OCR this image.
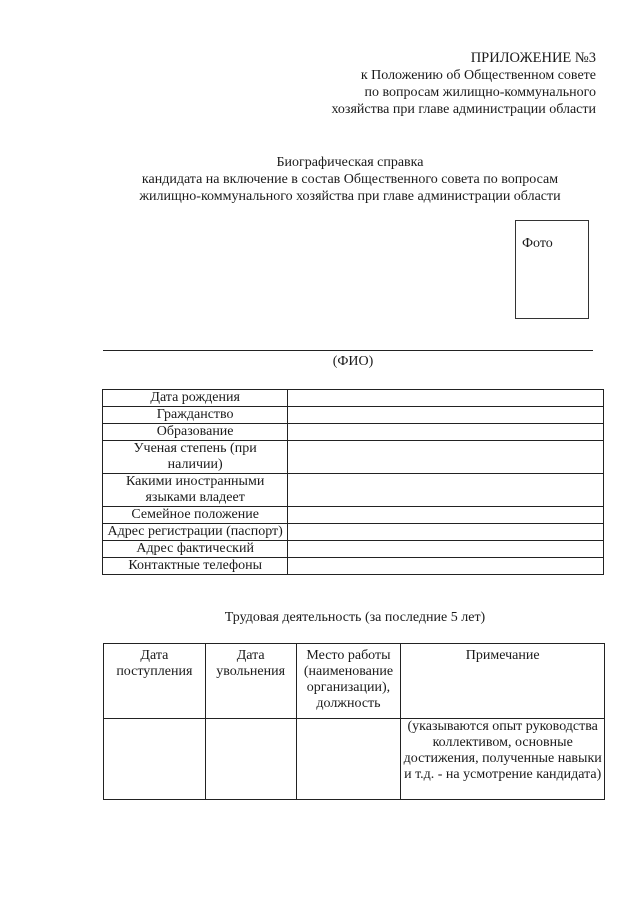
ПРИЛОЖЕНИЕ №3
к Положению об Общественном совете
по вопросам жилищно-коммунального
хозяйства при главе администрации области
Биографическая справка
кандидата на включение в состав Общественного совета по вопросам
жилищно-коммунального хозяйства при главе администрации области
Фото
(ФИО)
Дата рождения	
Гражданство	
Образование	
Ученая степень (при наличии)	
Какими иностранными языками владеет	
Семейное положение	
Адрес регистрации (паспорт)	
Адрес фактический	
Контактные телефоны	
Трудовая деятельность (за последние 5 лет)
Дата поступления	Дата увольнения	Место работы (наименование организации), должность	Примечание
			(указываются опыт руководства коллективом, основные достижения, полученные навыки и т.д. - на усмотрение кандидата)
